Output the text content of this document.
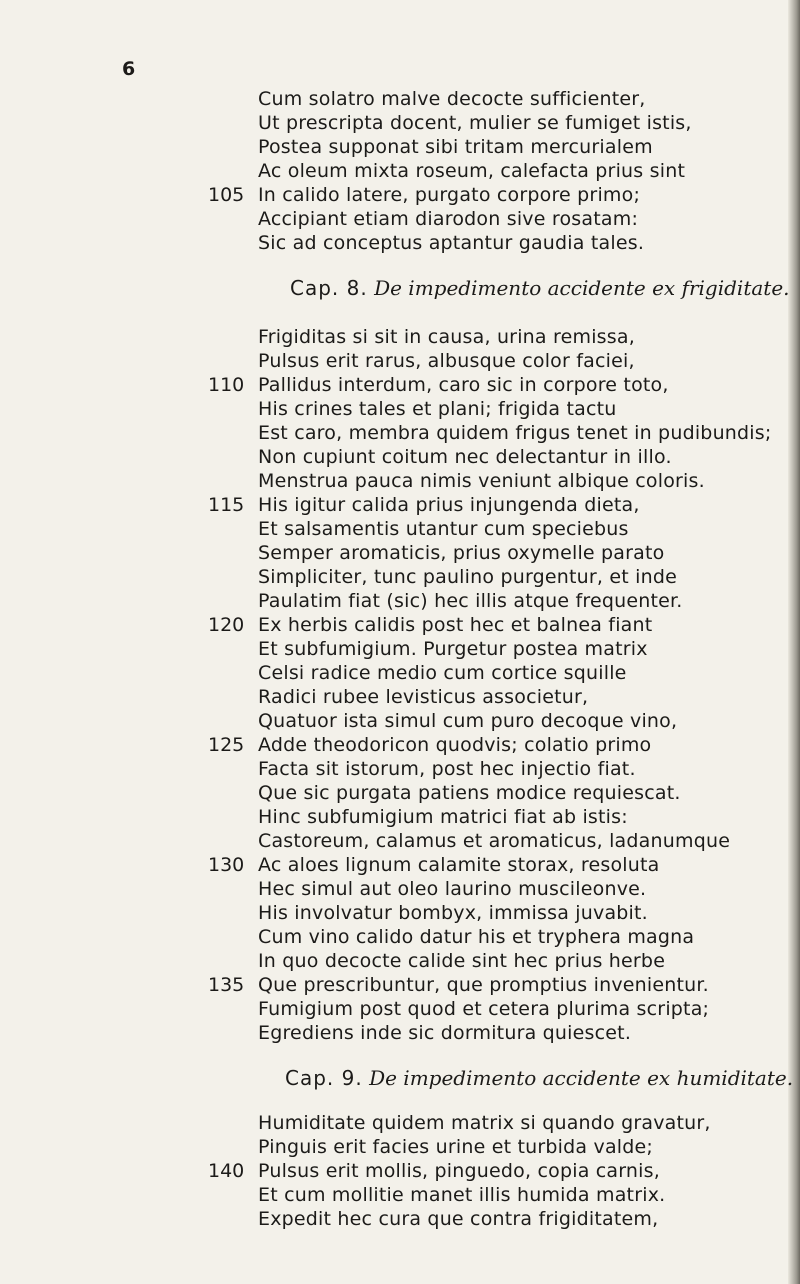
6
Cum solatro malve decocte sufficienter,
Ut prescripta docent, mulier se fumiget istis,
Postea supponat sibi tritam mercurialem
Ac oleum mixta roseum, calefacta prius sint
In calido latere, purgato corpore primo;
Accipiant etiam diarodon sive rosatam:
Sic ad conceptus aptantur gaudia tales.
105
Cap. 8. De impedimento accidente ex frigiditate.
Frigiditas si sit in causa, urina remissa,
Pulsus erit rarus, albusque color faciei,
Pallidus interdum, caro sic in corpore toto,
His crines tales et plani; frigida tactu
Est caro, membra quidem frigus tenet in pudibundis;
Non cupiunt coitum nec delectantur in illo.
Menstrua pauca nimis veniunt albique coloris.
His igitur calida prius injungenda dieta,
Et salsamentis utantur cum speciebus
Semper aromaticis, prius oxymelle parato
Simpliciter, tunc paulino purgentur, et inde
Paulatim fiat (sic) hec illis atque frequenter.
Ex herbis calidis post hec et balnea fiant
Et subfumigium. Purgetur postea matrix
Celsi radice medio cum cortice squille
Radici rubee levisticus associetur,
Quatuor ista simul cum puro decoque vino,
Adde theodoricon quodvis; colatio primo
Facta sit istorum, post hec injectio fiat.
Que sic purgata patiens modice requiescat.
Hinc subfumigium matrici fiat ab istis:
Castoreum, calamus et aromaticus, ladanumque
Ac aloes lignum calamite storax, resoluta
Hec simul aut oleo laurino muscileonve.
His involvatur bombyx, immissa juvabit.
Cum vino calido datur his et tryphera magna
In quo decocte calide sint hec prius herbe
Que prescribuntur, que promptius invenientur.
Fumigium post quod et cetera plurima scripta;
Egrediens inde sic dormitura quiescet.
110
115
120
125
130
135
Cap. 9. De impedimento accidente ex humiditate.
Humiditate quidem matrix si quando gravatur,
Pinguis erit facies urine et turbida valde;
Pulsus erit mollis, pinguedo, copia carnis,
Et cum mollitie manet illis humida matrix.
Expedit hec cura que contra frigiditatem,
140
